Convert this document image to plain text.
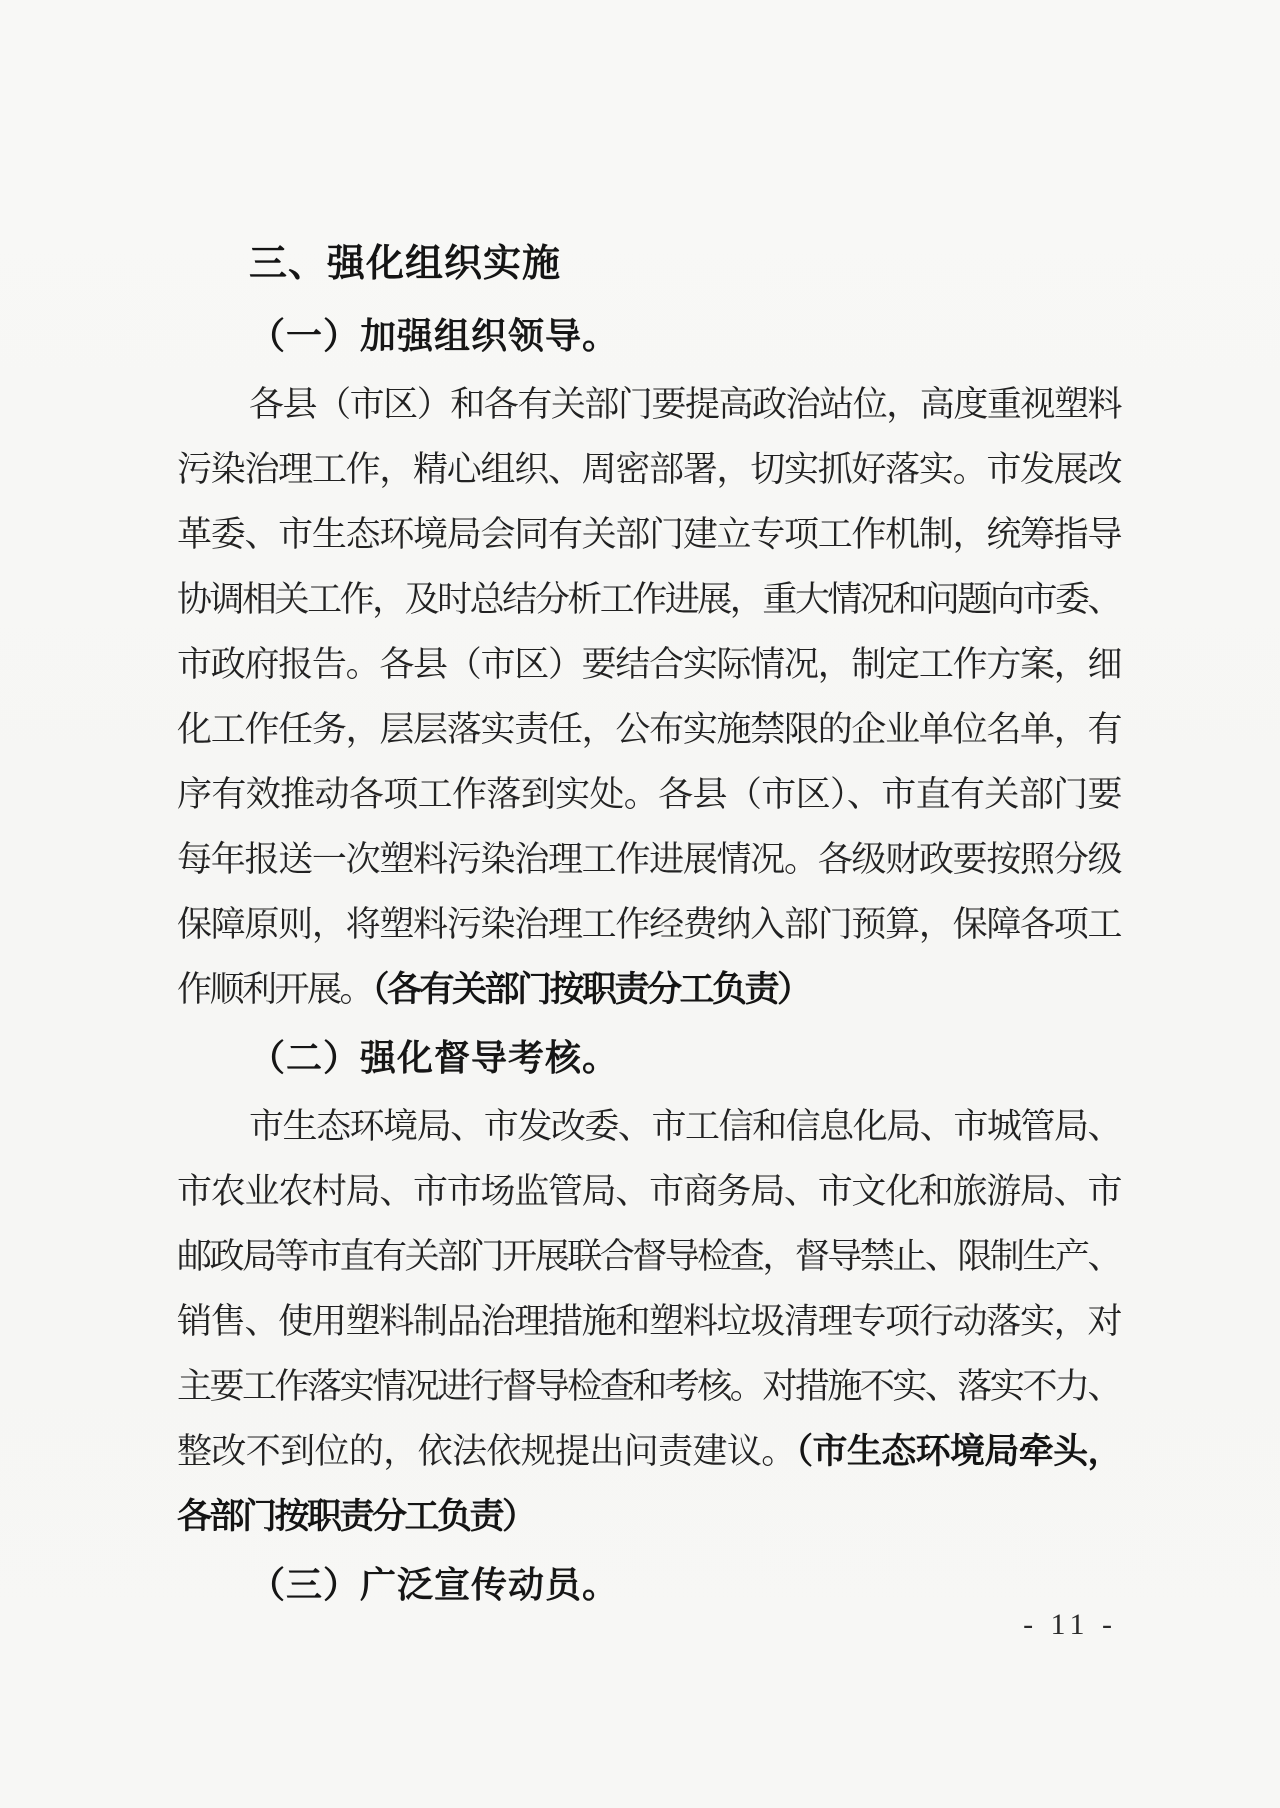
三、强化组织实施
（一）加强组织领导。
各县（市区）和各有关部门要提高政治站位，高度重视塑料
污染治理工作，精心组织、周密部署，切实抓好落实。市发展改
革委、市生态环境局会同有关部门建立专项工作机制，统筹指导
协调相关工作，及时总结分析工作进展，重大情况和问题向市委、
市政府报告。各县（市区）要结合实际情况，制定工作方案，细
化工作任务，层层落实责任，公布实施禁限的企业单位名单，有
序有效推动各项工作落到实处。各县（市区）、市直有关部门要
每年报送一次塑料污染治理工作进展情况。各级财政要按照分级
保障原则，将塑料污染治理工作经费纳入部门预算，保障各项工
作顺利开展。（各有关部门按职责分工负责）
（二）强化督导考核。
市生态环境局、市发改委、市工信和信息化局、市城管局、
市农业农村局、市市场监管局、市商务局、市文化和旅游局、市
邮政局等市直有关部门开展联合督导检查，督导禁止、限制生产、
销售、使用塑料制品治理措施和塑料垃圾清理专项行动落实，对
主要工作落实情况进行督导检查和考核。对措施不实、落实不力、
整改不到位的，依法依规提出问责建议。（市生态环境局牵头，
各部门按职责分工负责）
（三）广泛宣传动员。
- 11 -
